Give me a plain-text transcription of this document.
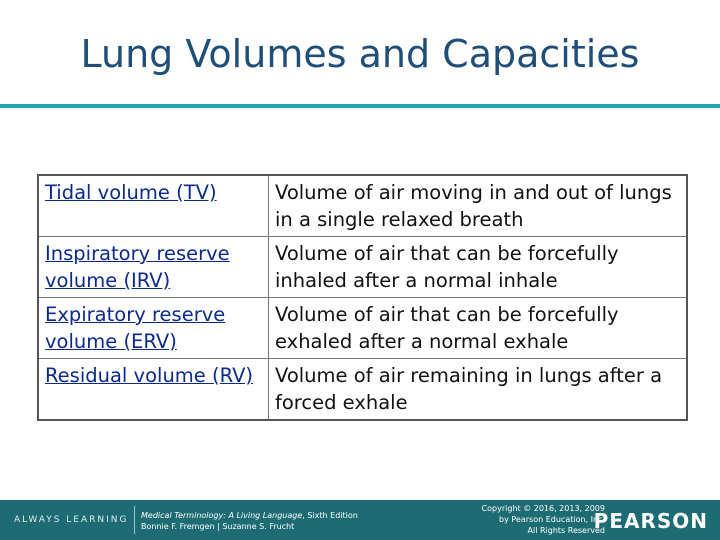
Lung Volumes and Capacities
Tidal volume (TV)	Volume of air moving in and out of lungs in a single relaxed breath
Inspiratory reserve volume (IRV)	Volume of air that can be forcefully inhaled after a normal inhale
Expiratory reserve volume (ERV)	Volume of air that can be forcefully exhaled after a normal exhale
Residual volume (RV)	Volume of air remaining in lungs after a forced exhale
ALWAYS LEARNING Medical Terminology: A Living Language, Sixth Edition
Bonnie F. Fremgen | Suzanne S. Frucht
Copyright © 2016, 2013, 2009
by Pearson Education, Inc.
All Rights Reserved
PEARSON
